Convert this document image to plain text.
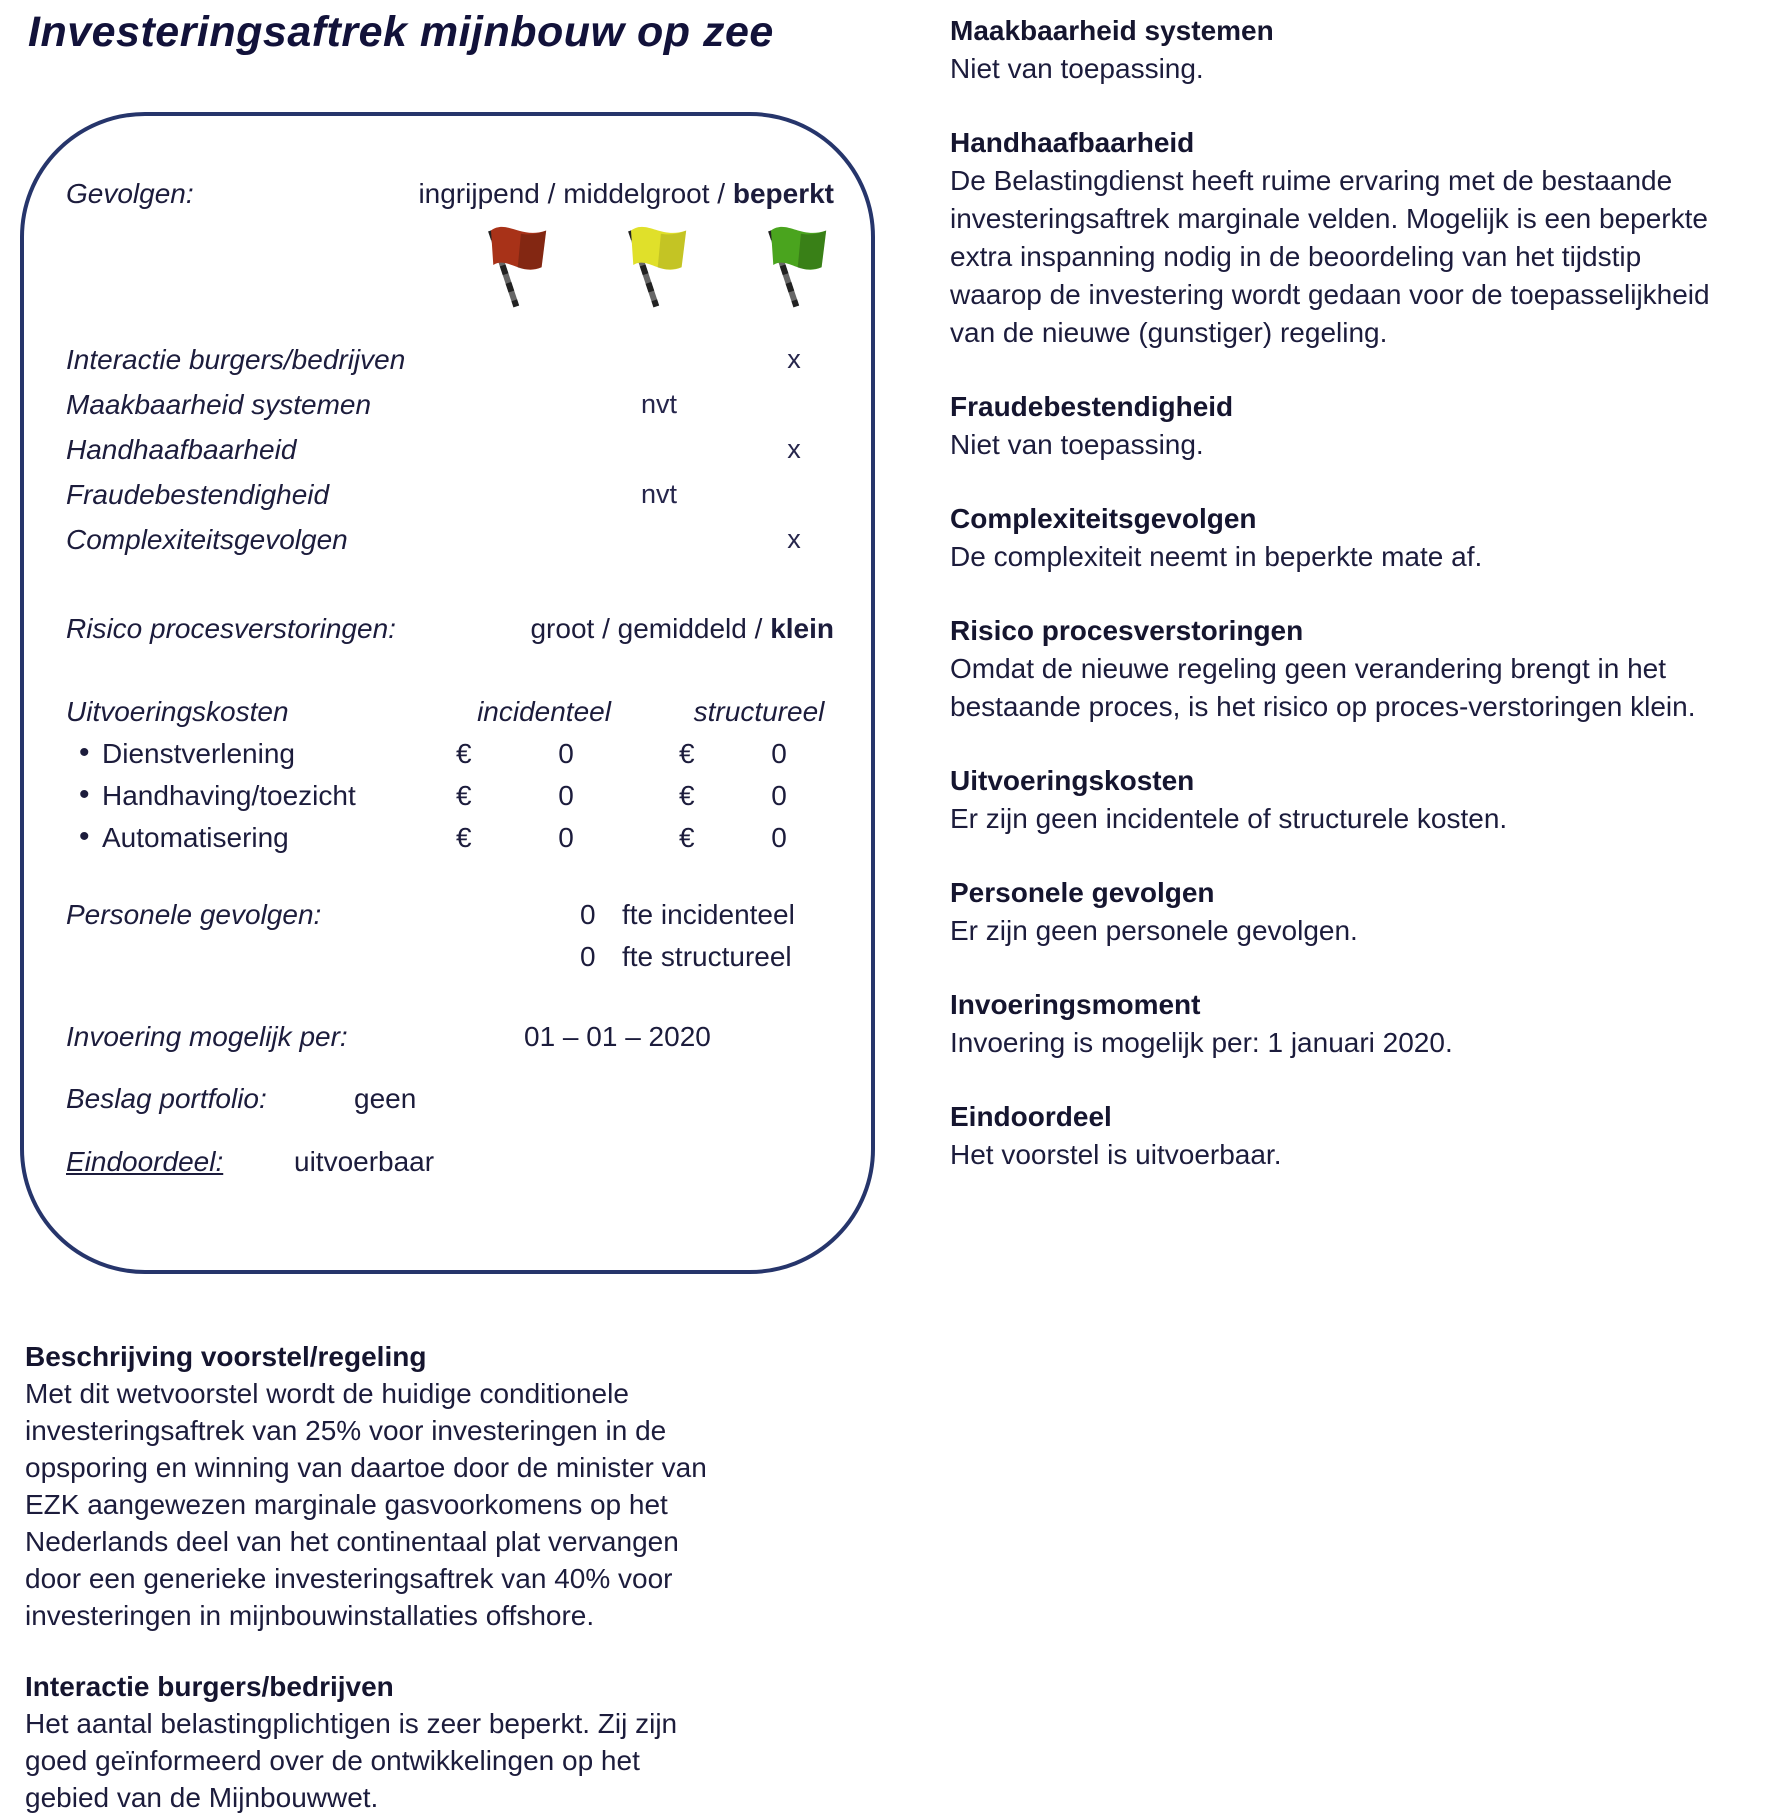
Investeringsaftrek mijnbouw op zee
Gevolgen:	ingrijpend / middelgroot / beperkt
Interactie burgers/bedrijven	x
Maakbaarheid systemen	nvt
Handhaafbaarheid	x
Fraudebestendigheid	nvt
Complexiteitsgevolgen	x
Risico procesverstoringen:	groot / gemiddeld / klein
Uitvoeringskosten	incidenteel	structureel
• Dienstverlening	€	0	€	0
• Handhaving/toezicht	€	0	€	0
• Automatisering	€	0	€	0
Personele gevolgen:	0 fte incidenteel
0 fte structureel
Invoering mogelijk per:	01 – 01 – 2020
Beslag portfolio:	geen
Eindoordeel:	uitvoerbaar
Beschrijving voorstel/regeling
Met dit wetvoorstel wordt de huidige conditionele investeringsaftrek van 25% voor investeringen in de opsporing en winning van daartoe door de minister van EZK aangewezen marginale gasvoorkomens op het Nederlands deel van het continentaal plat vervangen door een generieke investeringsaftrek van 40% voor investeringen in mijnbouwinstallaties offshore.
Interactie burgers/bedrijven
Het aantal belastingplichtigen is zeer beperkt. Zij zijn goed geïnformeerd over de ontwikkelingen op het gebied van de Mijnbouwwet.
Maakbaarheid systemen
Niet van toepassing.
Handhaafbaarheid
De Belastingdienst heeft ruime ervaring met de bestaande investeringsaftrek marginale velden. Mogelijk is een beperkte extra inspanning nodig in de beoordeling van het tijdstip waarop de investering wordt gedaan voor de toepasselijkheid van de nieuwe (gunstiger) regeling.
Fraudebestendigheid
Niet van toepassing.
Complexiteitsgevolgen
De complexiteit neemt in beperkte mate af.
Risico procesverstoringen
Omdat de nieuwe regeling geen verandering brengt in het bestaande proces, is het risico op proces-verstoringen klein.
Uitvoeringskosten
Er zijn geen incidentele of structurele kosten.
Personele gevolgen
Er zijn geen personele gevolgen.
Invoeringsmoment
Invoering is mogelijk per: 1 januari 2020.
Eindoordeel
Het voorstel is uitvoerbaar.
